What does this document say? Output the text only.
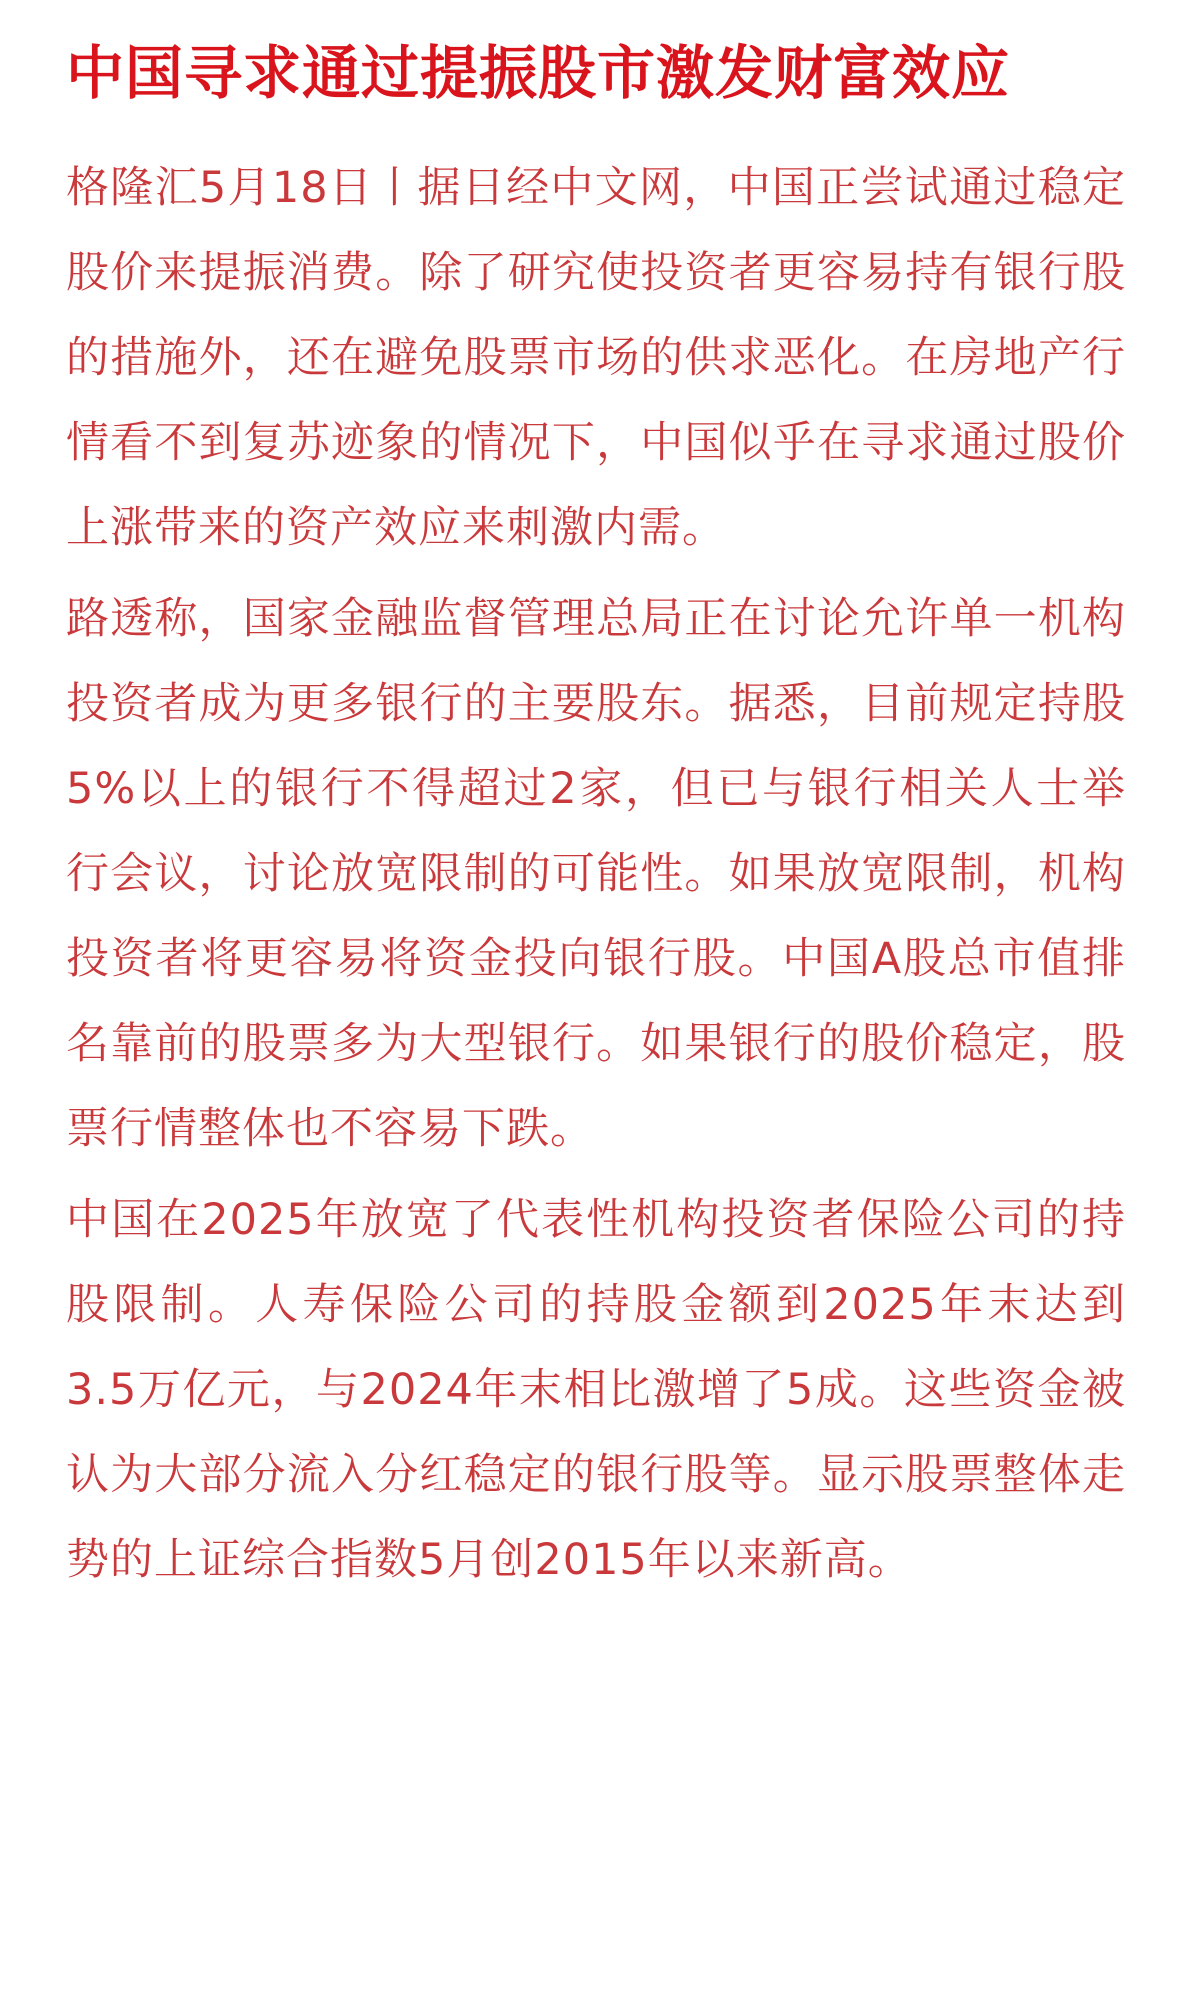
中国寻求通过提振股市激发财富效应

格隆汇5月18日丨据日经中文网，中国正尝试通过稳定股价来提振消费。除了研究使投资者更容易持有银行股的措施外，还在避免股票市场的供求恶化。在房地产行情看不到复苏迹象的情况下，中国似乎在寻求通过股价上涨带来的资产效应来刺激内需。

路透称，国家金融监督管理总局正在讨论允许单一机构投资者成为更多银行的主要股东。据悉，目前规定持股5%以上的银行不得超过2家，但已与银行相关人士举行会议，讨论放宽限制的可能性。如果放宽限制，机构投资者将更容易将资金投向银行股。中国A股总市值排名靠前的股票多为大型银行。如果银行的股价稳定，股票行情整体也不容易下跌。

中国在2025年放宽了代表性机构投资者保险公司的持股限制。人寿保险公司的持股金额到2025年末达到3.5万亿元，与2024年末相比激增了5成。这些资金被认为大部分流入分红稳定的银行股等。显示股票整体走势的上证综合指数5月创2015年以来新高。
